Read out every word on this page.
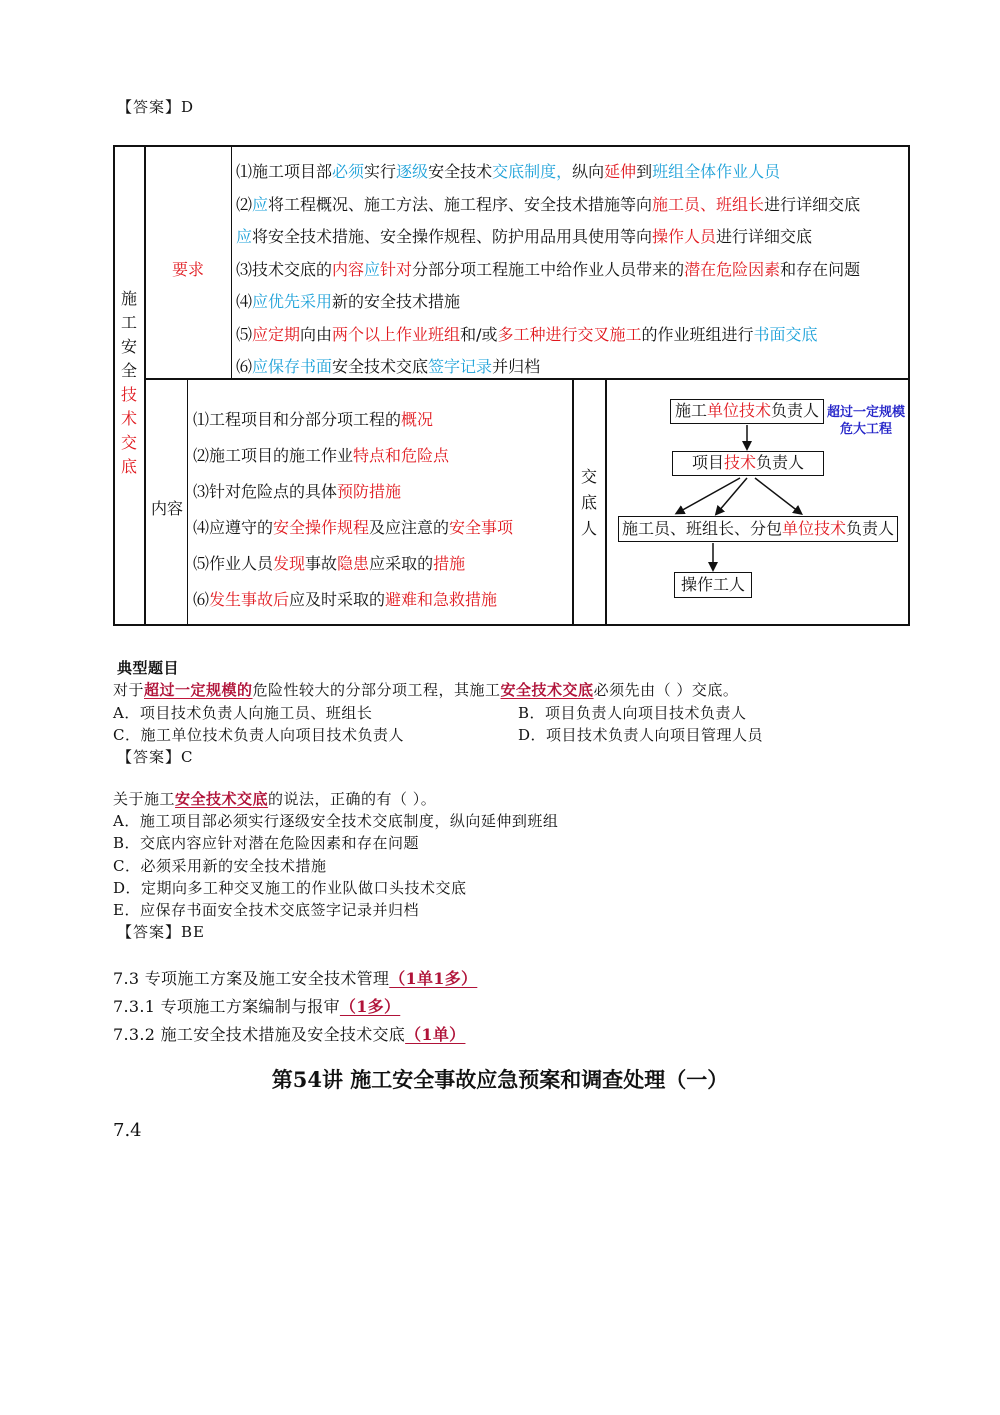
【答案】D
施
工
安
全
技
术
交
底
要求
内容
交
底
人
⑴施工项目部必须实行逐级安全技术交底制度，纵向延伸到班组全体作业人员
⑵应将工程概况、施工方法、施工程序、安全技术措施等向施工员、班组长进行详细交底
应将安全技术措施、安全操作规程、防护用品用具使用等向操作人员进行详细交底
⑶技术交底的内容应针对分部分项工程施工中给作业人员带来的潜在危险因素和存在问题
⑷应优先采用新的安全技术措施
⑸应定期向由两个以上作业班组和/或多工种进行交叉施工的作业班组进行书面交底
⑹应保存书面安全技术交底签字记录并归档
⑴工程项目和分部分项工程的概况
⑵施工项目的施工作业特点和危险点
⑶针对危险点的具体预防措施
⑷应遵守的安全操作规程及应注意的安全事项
⑸作业人员发现事故隐患应采取的措施
⑹发生事故后应及时采取的避难和急救措施
施工单位技术负责人 超过一定规模
危大工程
项目技术负责人
施工员、班组长、分包单位技术负责人
操作工人
典型题目
对于超过一定规模的危险性较大的分部分项工程，其施工安全技术交底必须先由（ ）交底。
A．项目技术负责人向施工员、班组长	B．项目负责人向项目技术负责人
C．施工单位技术负责人向项目技术负责人	D．项目技术负责人向项目管理人员
【答案】C
关于施工安全技术交底的说法，正确的有（ ）。
A．施工项目部必须实行逐级安全技术交底制度，纵向延伸到班组
B．交底内容应针对潜在危险因素和存在问题
C．必须采用新的安全技术措施
D．定期向多工种交叉施工的作业队做口头技术交底
E．应保存书面安全技术交底签字记录并归档
【答案】BE
7.3 专项施工方案及施工安全技术管理（1单1多）
7.3.1 专项施工方案编制与报审（1多）
7.3.2 施工安全技术措施及安全技术交底（1单）
第54讲 施工安全事故应急预案和调查处理（一）
7.4
